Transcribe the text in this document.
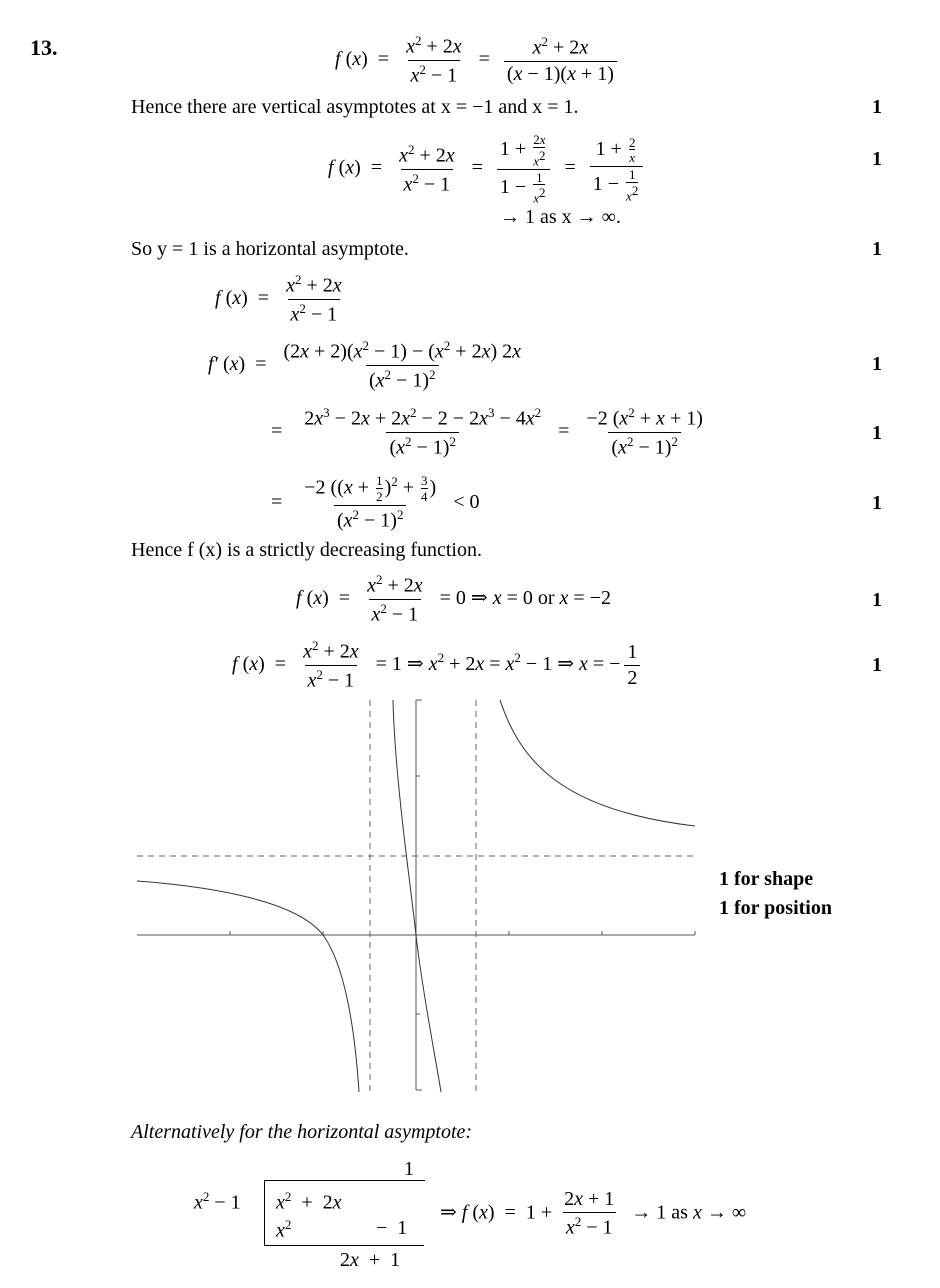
13.	f $(x) = \frac{x^2 + 2x}{x^2 - 1} = \frac{x^2 + 2x}{(x - 1)(x + 1)}$
Hence there are vertical asymptotes at x = −1 and x = 1.	1
f $(x) = \frac{x^2 + 2x}{x^2 - 1} = \frac{1 + \frac{2x}{x^2}}{1 - \frac{1}{x^2}} = \frac{1 + \frac{2}{x}}{1 - \frac{1}{x^2}}$	1
→ 1 as x → ∞.
So y = 1 is a horizontal asymptote.	1
f $(x) = \frac{x^2 + 2x}{x^2 - 1}$
f′ $(x) = \frac{(2x + 2)(x^2 - 1) - (x^2 + 2x) 2x}{(x^2 - 1)^2}$	1
= $\frac{2x^3 - 2x + 2x^2 - 2 - 2x^3 - 4x^2}{(x^2 - 1)^2} = \frac{-2 (x^2 + x + 1)}{(x^2 - 1)^2}$	1
= $\frac{-2 ((x + \frac{1}{2} )^2 + \frac{3}{4} )}{(x^2 - 1)^2} < 0$	1
Hence f (x) is a strictly decreasing function.
f $(x) = \frac{x^2 + 2x}{x^2 - 1} = 0$ ⇒ x = 0 or x = −2	1
f $(x) = \frac{x^2 + 2x}{x^2 - 1} = 1$ ⇒ $x^2 + 2x = x^2 - 1$ ⇒ x = − $\frac{1}{2}$	1
1 for shape
1 for position
Alternatively for the horizontal asymptote:
1
$x^2 - 1$ $x^2 + 2x$
$x^2$	−  1
2x  +  1
⇒ f $(x) = 1 + \frac{2x + 1}{x^2 - 1} \to 1$ as x → ∞
